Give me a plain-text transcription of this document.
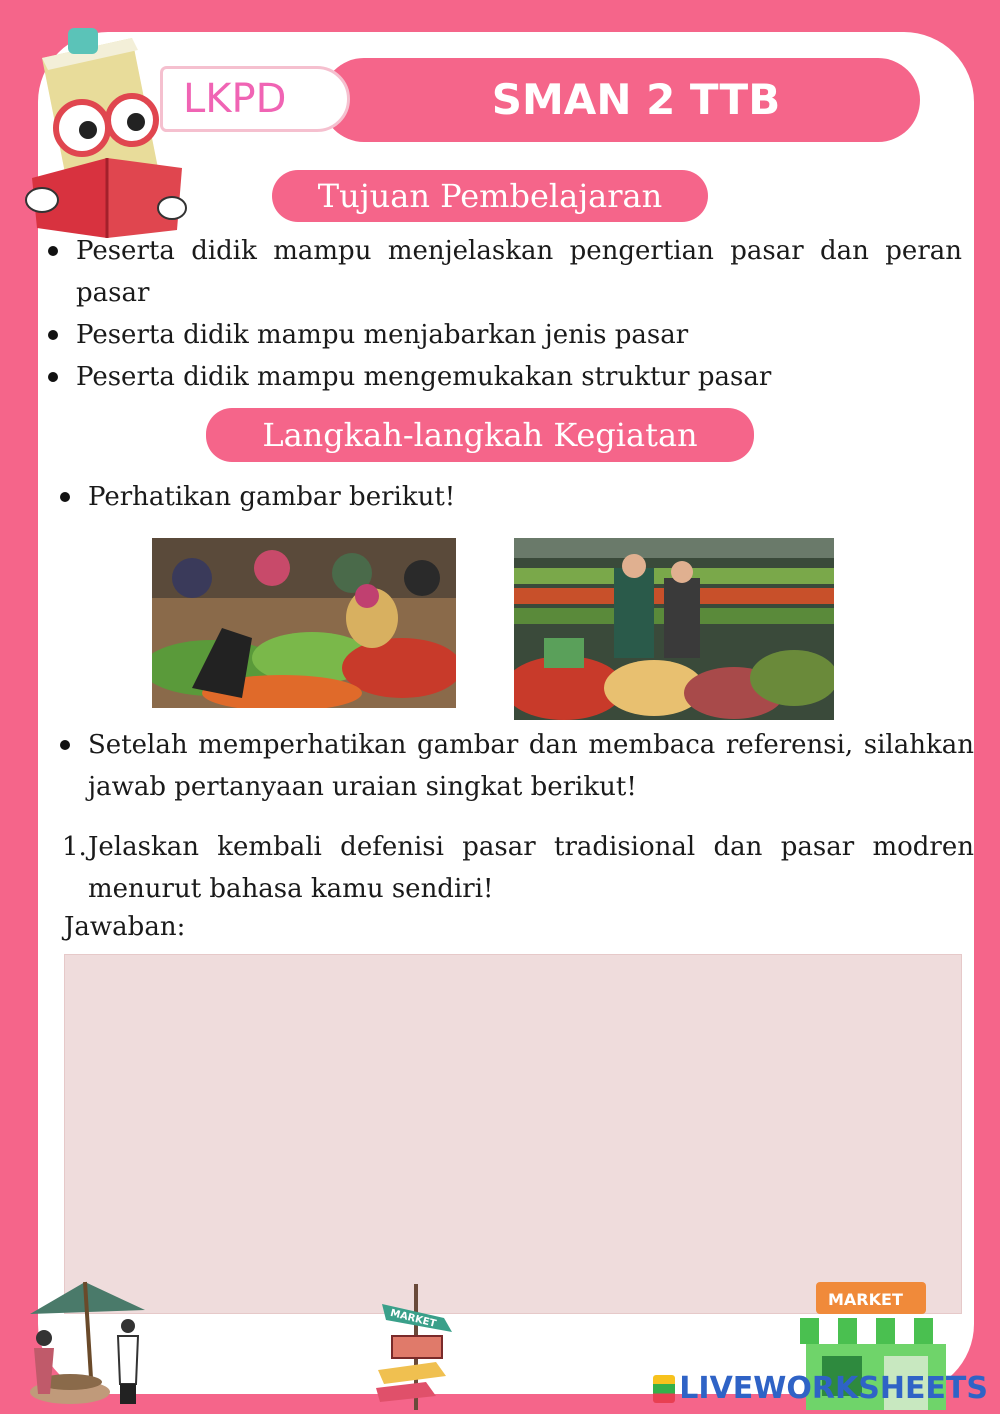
SMAN 2 TTB
LKPD
Tujuan Pembelajaran
Peserta didik mampu menjelaskan pengertian pasar dan peran pasar
Peserta didik mampu menjabarkan jenis pasar
Peserta didik mampu mengemukakan struktur pasar
Langkah-langkah Kegiatan
Perhatikan gambar berikut!
Setelah memperhatikan gambar dan membaca referensi, silahkan jawab pertanyaan uraian singkat berikut!
1. Jelaskan kembali defenisi pasar tradisional dan pasar modren menurut bahasa kamu sendiri!
Jawaban:
MARKET
MARKET
LIVEWORKSHEETS
